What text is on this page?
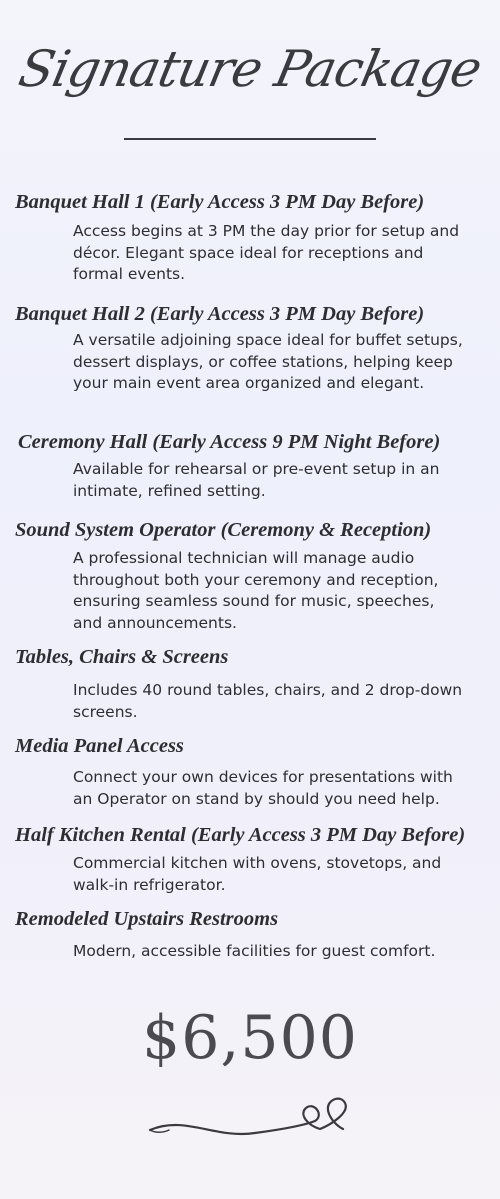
Signature Package
Banquet Hall 1 (Early Access 3 PM Day Before)

Access begins at 3 PM the day prior for setup and décor. Elegant space ideal for receptions and formal events.

Banquet Hall 2 (Early Access 3 PM Day Before)

A versatile adjoining space ideal for buffet setups, dessert displays, or coffee stations, helping keep your main event area organized and elegant.

Ceremony Hall (Early Access 9 PM Night Before)

Available for rehearsal or pre-event setup in an intimate, refined setting.

Sound System Operator (Ceremony & Reception)

A professional technician will manage audio throughout both your ceremony and reception, ensuring seamless sound for music, speeches, and announcements.

Tables, Chairs & Screens

Includes 40 round tables, chairs, and 2 drop-down screens.

Media Panel Access

Connect your own devices for presentations with an Operator on stand by should you need help.

Half Kitchen Rental (Early Access 3 PM Day Before)

Commercial kitchen with ovens, stovetops, and walk-in refrigerator.

Remodeled Upstairs Restrooms

Modern, accessible facilities for guest comfort.

$6,500
